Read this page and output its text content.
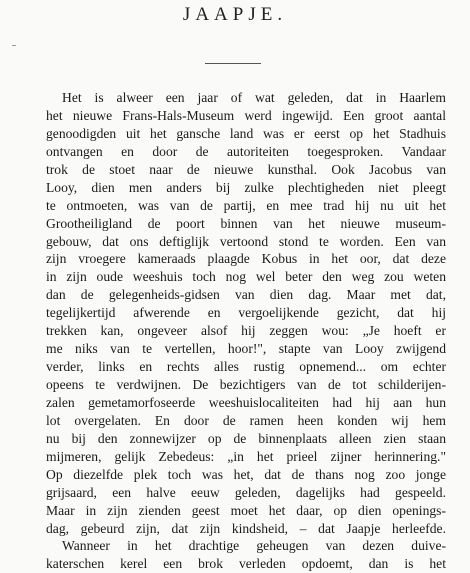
JAAPJE.
Het is alweer een jaar of wat geleden, dat in Haarlem
het nieuwe Frans-Hals-Museum werd ingewijd. Een groot aantal
genoodigden uit het gansche land was er eerst op het Stadhuis
ontvangen en door de autoriteiten toegesproken. Vandaar
trok de stoet naar de nieuwe kunsthal. Ook Jacobus van
Looy, dien men anders bij zulke plechtigheden niet pleegt
te ontmoeten, was van de partij, en mee trad hij nu uit het
Grootheiligland de poort binnen van het nieuwe museum-
gebouw, dat ons deftiglijk vertoond stond te worden. Een van
zijn vroegere kameraads plaagde Kobus in het oor, dat deze
in zijn oude weeshuis toch nog wel beter den weg zou weten
dan de gelegenheids-gidsen van dien dag. Maar met dat,
tegelijkertijd afwerende en vergoelijkende gezicht, dat hij
trekken kan, ongeveer alsof hij zeggen wou: „Je hoeft er
me niks van te vertellen, hoor!", stapte van Looy zwijgend
verder, links en rechts alles rustig opnemend... om echter
opeens te verdwijnen. De bezichtigers van de tot schilderijen-
zalen gemetamorfoseerde weeshuislocaliteiten had hij aan hun
lot overgelaten. En door de ramen heen konden wij hem
nu bij den zonnewijzer op de binnenplaats alleen zien staan
mijmeren, gelijk Zebedeus: „in het prieel zijner herinnering."
Op diezelfde plek toch was het, dat de thans nog zoo jonge
grijsaard, een halve eeuw geleden, dagelijks had gespeeld.
Maar in zijn zienden geest moet het daar, op dien openings-
dag, gebeurd zijn, dat zijn kindsheid, – dat Jaapje herleefde.
Wanneer in het drachtige geheugen van dezen duive-
katerschen kerel een brok verleden opdoemt, dan is het
